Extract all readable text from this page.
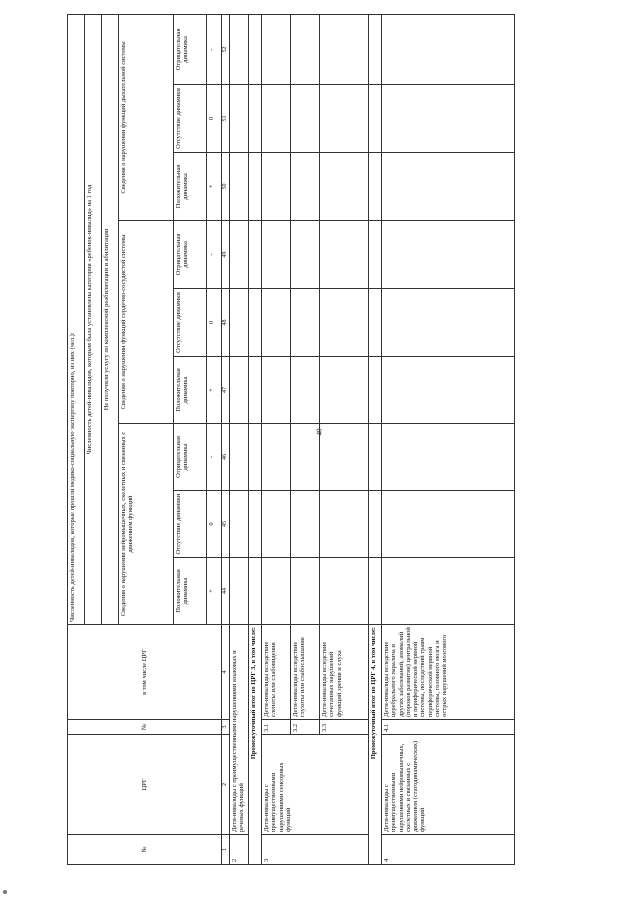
40
№	ЦРГ	№	в том числе ЦРГ	Численность детей-инвалидов, которые прошли медико-социальную экспертизу повторно, из них (чел.):								
				Численность детей-инвалидов, которым была установлена категория «ребенок-инвалид» на 1 год								
				Не получили услугу по комплексной реабилитации и абилитации								
				Сведения о нарушении нейромышечных, скелетных и связанных с движением функций			Сведения о нарушении функций сердечно-сосудистой системы			Сведения о нарушении функций дыхательной системы		
				Положительная динамика	Отсутствие динамики	Отрицательная динамика	Положительная динамика	Отсутствие динамики	Отрицательная динамика	Положительная динамика	Отсутствие динамики	Отрицательная динамика
				+	0	-	+	0	-	+	0	-
1	2	3	4	44	45	46	47	48	49	50	51	52
2	Дети-инвалиды с преимущественными нарушениями языковых и речевых функций											
Промежуточный итог по ЦРГ 3, в том числе:												
3	Дети-инвалиды с преимущественными нарушениями сенсорных функций	3.1	Дети-инвалиды вследствие слепоты или слабовидения									
		3.2	Дети-инвалиды вследствие глухоты или слабослышания									
		3.3	Дети-инвалиды вследствие сочетанных нарушений функций зрения и слуха									
Промежуточный итог по ЦРГ 4, в том числе:												
4	Дети-инвалиды с преимущественными нарушениями нейромышечных, скелетных и связанных с движением (статодинамических) функций	4.1	Дети-инвалиды вследствие церебрального паралича и других заболеваний, аномалий (пороков развития) центральной и периферической нервной системы, последствий травм периферической нервной системы, головного мозга и острых нарушений мозгового									
